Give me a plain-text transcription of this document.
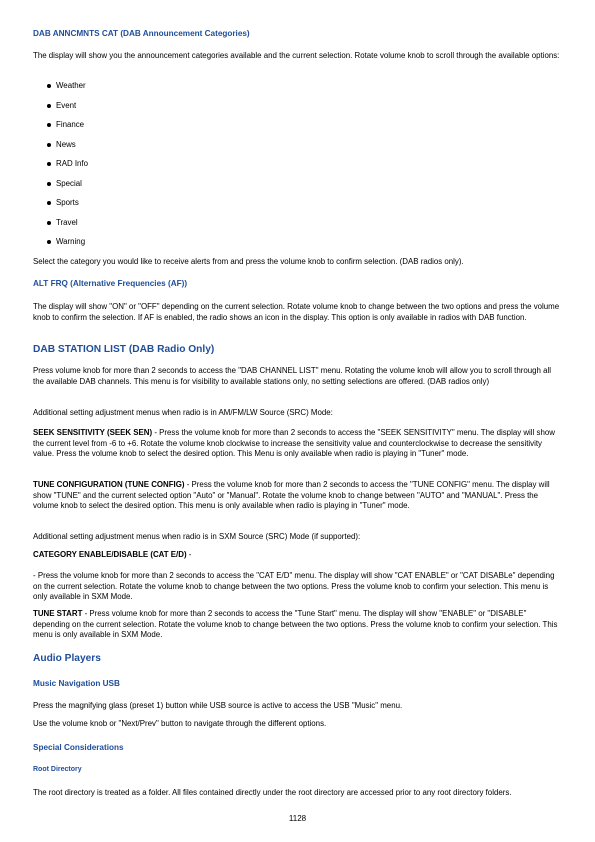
DAB ANNCMNTS CAT (DAB Announcement Categories)

The display will show you the announcement categories available and the current selection. Rotate volume knob to scroll through the available options:

Weather
Event
Finance
News
RAD Info
Special
Sports
Travel
Warning

Select the category you would like to receive alerts from and press the volume knob to confirm selection. (DAB radios only).

ALT FRQ (Alternative Frequencies (AF))

The display will show "ON" or "OFF" depending on the current selection. Rotate volume knob to change between the two options and press the volume knob to confirm the selection. If AF is enabled, the radio shows an icon in the display. This option is only available in radios with DAB function.

DAB STATION LIST (DAB Radio Only)

Press volume knob for more than 2 seconds to access the "DAB CHANNEL LIST" menu. Rotating the volume knob will allow you to scroll through all the available DAB channels. This menu is for visibility to available stations only, no setting selections are offered. (DAB radios only)

Additional setting adjustment menus when radio is in AM/FM/LW Source (SRC) Mode:

SEEK SENSITIVITY (SEEK SEN) - Press the volume knob for more than 2 seconds to access the "SEEK SENSITIVITY" menu. The display will show the current level from -6 to +6. Rotate the volume knob clockwise to increase the sensitivity value and counterclockwise to decrease the sensitivity value. Press the volume knob to select the desired option. This Menu is only available when radio is playing in "Tuner" mode.

TUNE CONFIGURATION (TUNE CONFIG) - Press the volume knob for more than 2 seconds to access the "TUNE CONFIG" menu. The display will show "TUNE" and the current selected option "Auto" or "Manual". Rotate the volume knob to change between "AUTO" and "MANUAL". Press the volume knob to select the desired option. This menu is only available when radio is playing in "Tuner" mode.

Additional setting adjustment menus when radio is in SXM Source (SRC) Mode (if supported):

CATEGORY ENABLE/DISABLE (CAT E/D) -

- Press the volume knob for more than 2 seconds to access the "CAT E/D" menu. The display will show "CAT ENABLE" or "CAT DISABLe" depending on the current selection. Rotate the volume knob to change between the two options. Press the volume knob to confirm your selection. This menu is only available in SXM Mode.

TUNE START - Press volume knob for more than 2 seconds to access the "Tune Start" menu. The display will show "ENABLE" or "DISABLE" depending on the current selection. Rotate the volume knob to change between the two options. Press the volume knob to confirm your selection. This menu is only available in SXM Mode.

Audio Players
Music Navigation USB

Press the magnifying glass (preset 1) button while USB source is active to access the USB "Music" menu.

Use the volume knob or "Next/Prev" button to navigate through the different options.

Special Considerations
Root Directory

The root directory is treated as a folder. All files contained directly under the root directory are accessed prior to any root directory folders.

1128
